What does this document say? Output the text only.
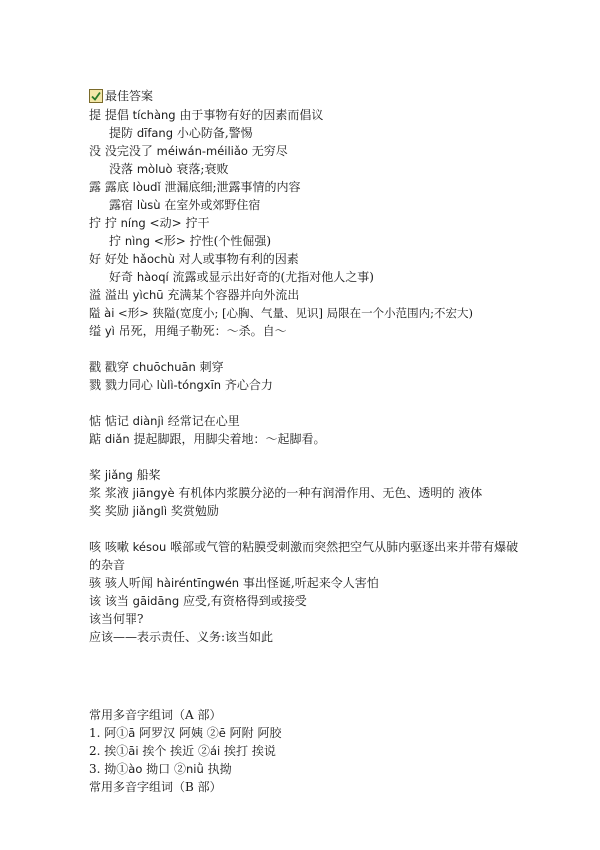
最佳答案
提 提倡 tíchàng 由于事物有好的因素而倡议
提防 dīfang 小心防备,警惕
没 没完没了 méiwán-méiliǎo 无穷尽
没落 mòluò 衰落;衰败
露 露底 lòudǐ 泄漏底细;泄露事情的内容
露宿 lùsù 在室外或郊野住宿
拧 拧 níng <动> 拧干
拧 nìng <形> 拧性(个性倔强)
好 好处 hǎochù 对人或事物有利的因素
好奇 hàoqí 流露或显示出好奇的(尤指对他人之事)
溢 溢出 yìchū 充满某个容器并向外流出
隘 ài <形> 狭隘(宽度小; [心胸、气量、见识] 局限在一个小范围内;不宏大)
缢 yì 吊死，用绳子勒死：～杀。自～
戳 戳穿 chuōchuān 刺穿
戮 戮力同心 lùlì-tóngxīn 齐心合力
惦 惦记 diànjì 经常记在心里
踮 diǎn 提起脚跟，用脚尖着地：～起脚看。
桨 jiǎng 船桨
浆 浆液 jiāngyè 有机体内浆膜分泌的一种有润滑作用、无色、透明的 液体
奖 奖励 jiǎnglì 奖赏勉励
咳 咳嗽 késou 喉部或气管的粘膜受刺激而突然把空气从肺内驱逐出来并带有爆破的杂音
骇 骇人听闻 hàiréntīngwén 事出怪诞,听起来令人害怕
该 该当 gāidāng 应受,有资格得到或接受
该当何罪?
应该——表示责任、义务:该当如此
常用多音字组词（A 部）
1. 阿①ā 阿罗汉 阿姨 ②ē 阿附 阿胶
2. 挨①āi 挨个 挨近 ②ái 挨打 挨说
3. 拗①ào 拗口 ②niǜ 执拗
常用多音字组词（B 部）
